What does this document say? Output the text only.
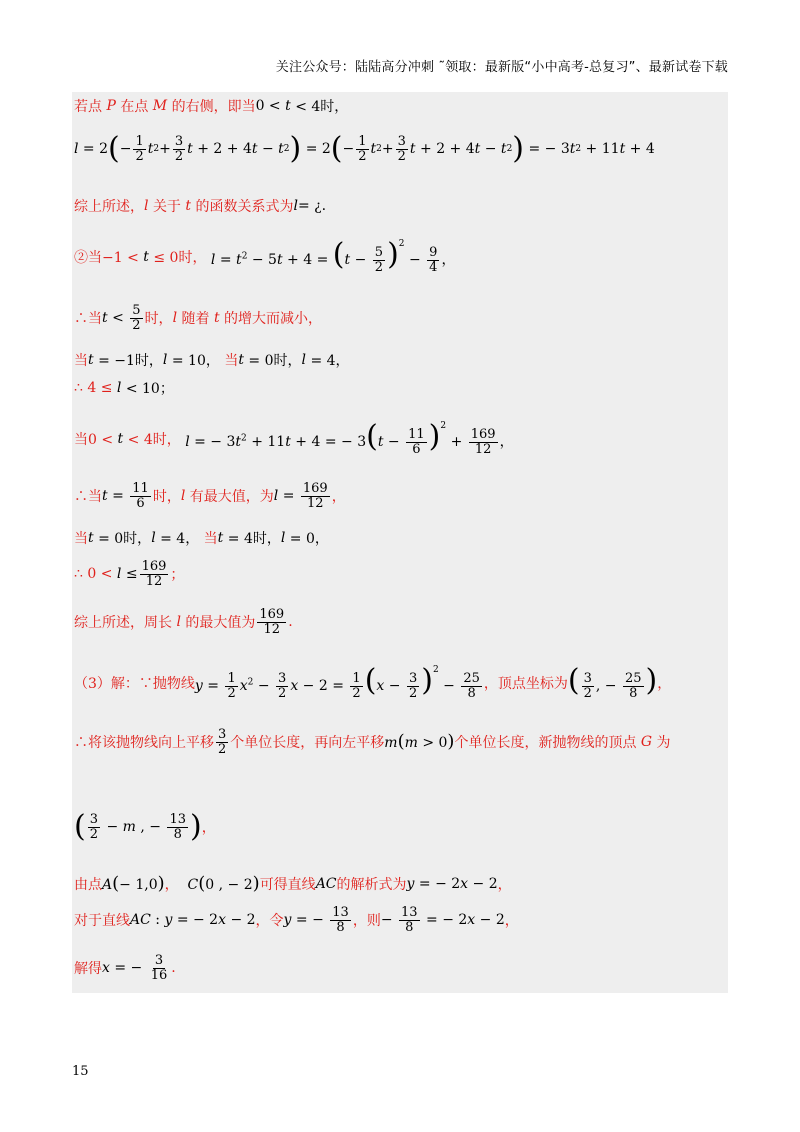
关注公众号：陆陆高分冲刺 ˜领取：最新版“小中高考-总复习”、最新试卷下载
若点
P
在点
M
的右侧，即当 0 <
t
< 4时，
l = 2 ( − $\frac{1}{2}$ t $2 + \frac{3}{2}$ t + 2 + 4 t − t 2 ) = 2 ( − $\frac{1}{2}$ t $2 + \frac{3}{2}$ t + 2 + 4 t − t 2 ) = − 3 t 2 + 11 t + 4
综上所述， l
关于
t
的函数关系式为 l = ¿.
②当−1 <
t
≤ 0时， $l = t^2 - 5t + 4 = (t - \frac{5}{2} )^2 - \frac{9}{4}$ ，
∴当 $t < \frac{5}{2}$ 时， l
随着
t
的增大而减小，
当 t
= −1时， l
= 10，
当 t
= 0时， l
= 4，
∴ 4 ≤
l
< 10；
当0 <
t
< 4时， l = − $3t^2 + 11t + 4$ = − $3(t - \frac{11}{6} )^2 + \frac{169}{12}$ ，
∴当 $t = \frac{11}{6}$ 时， l
有最大值，为 $l = \frac{169}{12}$ ，
当 t
= 0时， l
= 4，
当 t
= 4时， l
= 0，
∴ 0 <
l
≤ $\frac{169}{12}$ ；
综上所述，周长
l
的最大值为 $\frac{169}{12}$ .
（3）解：∵抛物线 $y = \frac{1}{2} x^2 - \frac{3}{2}$ $x - 2 = \frac{1}{2} (x - \frac{3}{2} )^2 - \frac{25}{8}$ ，顶点坐标为 ( $\frac{3}{2}$ , − $\frac{25}{8}$ ) ，
∴将该抛物线向上平移 $\frac{3}{2}$ 个单位长度，再向左平移 m(m > 0) 个单位长度，新抛物线的顶点
G
为
( $\frac{3}{2} - m$ , − $\frac{13}{8}$ ) ，
由点 A(− 1,0) ， C(0 , − 2) 可得直线 AC 的解析式为 y = − 2x − 2 ，
对于直线 AC : y = − 2x − 2 ，令 y = − $\frac{13}{8}$ ，则 − $\frac{13}{8}$ = − 2x − 2 ，
解得 x = − $\frac{3}{16}$ .
15
